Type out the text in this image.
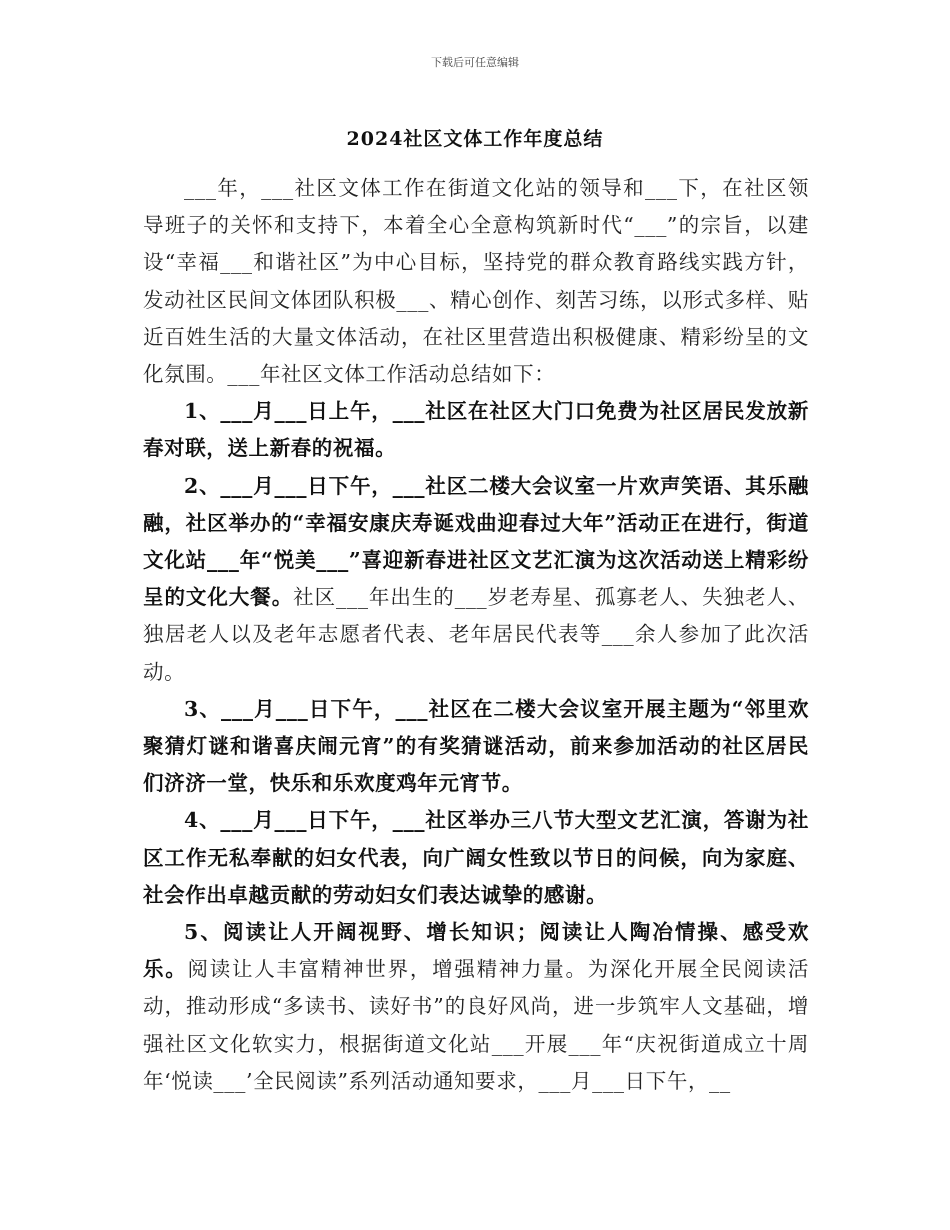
下载后可任意编辑
2024社区文体工作年度总结

___年，___社区文体工作在街道文化站的领导和___下，在社区领导班子的关怀和支持下，本着全心全意构筑新时代“___”的宗旨，以建设“幸福___和谐社区”为中心目标，坚持党的群众教育路线实践方针，发动社区民间文体团队积极___、精心创作、刻苦习练，以形式多样、贴近百姓生活的大量文体活动，在社区里营造出积极健康、精彩纷呈的文化氛围。___年社区文体工作活动总结如下：

1、___月___日上午，___社区在社区大门口免费为社区居民发放新春对联，送上新春的祝福。

2、___月___日下午，___社区二楼大会议室一片欢声笑语、其乐融融，社区举办的“幸福安康庆寿诞戏曲迎春过大年”活动正在进行，街道文化站___年“悦美___”喜迎新春进社区文艺汇演为这次活动送上精彩纷呈的文化大餐。社区___年出生的___岁老寿星、孤寡老人、失独老人、独居老人以及老年志愿者代表、老年居民代表等___余人参加了此次活动。

3、___月___日下午，___社区在二楼大会议室开展主题为“邻里欢聚猜灯谜和谐喜庆闹元宵”的有奖猜谜活动，前来参加活动的社区居民们济济一堂，快乐和乐欢度鸡年元宵节。

4、___月___日下午，___社区举办三八节大型文艺汇演，答谢为社区工作无私奉献的妇女代表，向广阔女性致以节日的问候，向为家庭、社会作出卓越贡献的劳动妇女们表达诚挚的感谢。

5、阅读让人开阔视野、增长知识；阅读让人陶冶情操、感受欢乐。阅读让人丰富精神世界，增强精神力量。为深化开展全民阅读活动，推动形成“多读书、读好书”的良好风尚，进一步筑牢人文基础，增强社区文化软实力，根据街道文化站___开展___年“庆祝街道成立十周年‘悦读___’全民阅读”系列活动通知要求，___月___日下午，__
